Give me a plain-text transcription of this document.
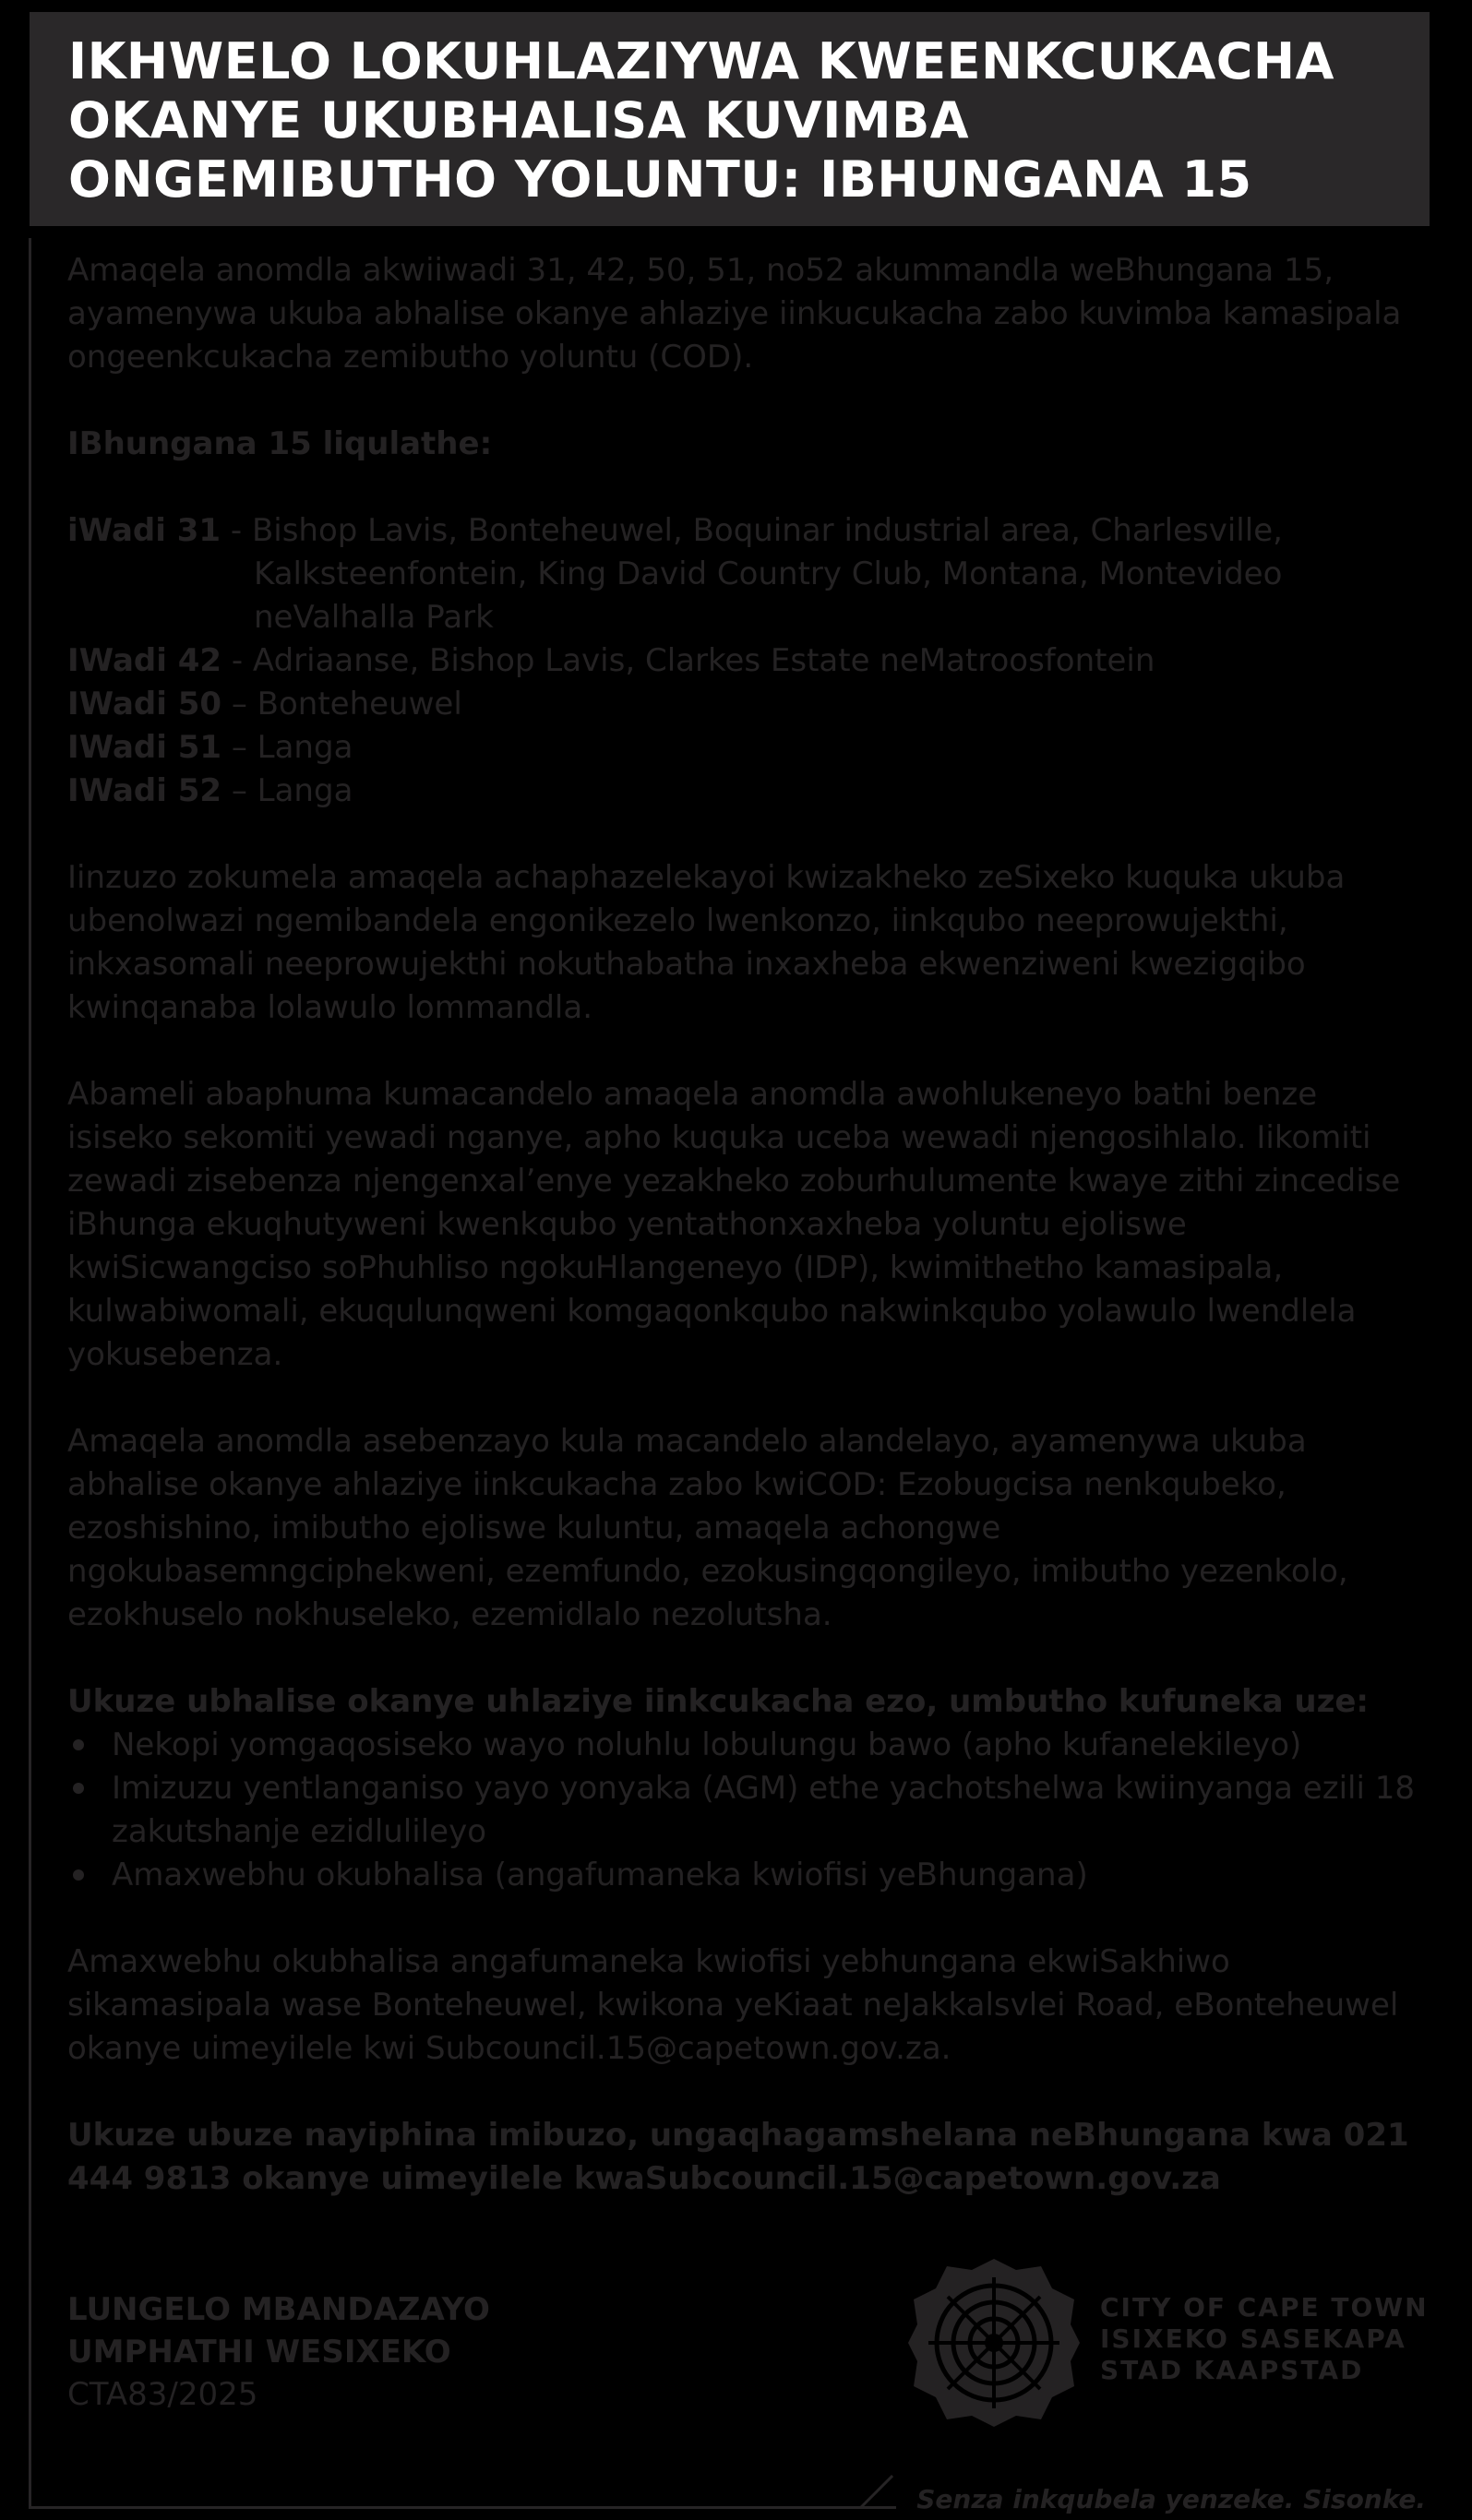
IKHWELO LOKUHLAZIYWA KWEENKCUKACHA
OKANYE UKUBHALISA KUVIMBA
ONGEMIBUTHO YOLUNTU: IBHUNGANA 15

Amaqela anomdla akwiiwadi 31, 42, 50, 51, no52 akummandla weBhungana 15, ayamenywa ukuba abhalise okanye ahlaziye iinkucukacha zabo kuvimba kamasipala ongeenkcukacha zemibutho yoluntu (COD).

IBhungana 15 liqulathe:

iWadi 31 - Bishop Lavis, Bonteheuwel, Boquinar industrial area, Charlesville,

Kalksteenfontein, King David Country Club, Montana, Montevideo

neValhalla Park

IWadi 42 - Adriaanse, Bishop Lavis, Clarkes Estate neMatroosfontein

IWadi 50 – Bonteheuwel

IWadi 51 – Langa

IWadi 52 – Langa

Iinzuzo zokumela amaqela achaphazelekayoi kwizakheko zeSixeko kuquka ukuba ubenolwazi ngemibandela engonikezelo lwenkonzo, iinkqubo neeprowujekthi, inkxasomali neeprowujekthi nokuthabatha inxaxheba ekwenziweni kwezigqibo kwinqanaba lolawulo lommandla.

Abameli abaphuma kumacandelo amaqela anomdla awohlukeneyo bathi benze isiseko sekomiti yewadi nganye, apho kuquka uceba wewadi njengosihlalo. Iikomiti zewadi zisebenza njengenxal’enye yezakheko zoburhulumente kwaye zithi zincedise iBhunga ekuqhutyweni kwenkqubo yentathonxaxheba yoluntu ejoliswe kwiSicwangciso soPhuhliso ngokuHlangeneyo (IDP), kwimithetho kamasipala, kulwabiwomali, ekuqulunqweni komgaqonkqubo nakwinkqubo yolawulo lwendlela yokusebenza.

Amaqela anomdla asebenzayo kula macandelo alandelayo, ayamenywa ukuba abhalise okanye ahlaziye iinkcukacha zabo kwiCOD: Ezobugcisa nenkqubeko, ezoshishino, imibutho ejoliswe kuluntu, amaqela achongwe ngokubasemngciphekweni, ezemfundo, ezokusingqongileyo, imibutho yezenkolo, ezokhuselo nokhuseleko, ezemidlalo nezolutsha.

Ukuze ubhalise okanye uhlaziye iinkcukacha ezo, umbutho kufuneka uze:

Nekopi yomgaqosiseko wayo noluhlu lobulungu bawo (apho kufanelekileyo)
Imizuzu yentlanganiso yayo yonyaka (AGM) ethe yachotshelwa kwiinyanga ezili 18 zakutshanje ezidlulileyo
Amaxwebhu okubhalisa (angafumaneka kwiofisi yeBhungana)

Amaxwebhu okubhalisa angafumaneka kwiofisi yebhungana ekwiSakhiwo sikamasipala wase Bonteheuwel, kwikona yeKiaat neJakkalsvlei Road, eBonteheuwel okanye uimeyilele kwi Subcouncil.15@capetown.gov.za.

Ukuze ubuze nayiphina imibuzo, ungaqhagamshelana neBhungana kwa 021 444 9813 okanye uimeyilele kwaSubcouncil.15@capetown.gov.za

LUNGELO MBANDAZAYO
UMPHATHI WESIXEKO
CTA83/2025
CITY OF CAPE TOWN
ISIXEKO SASEKAPA
STAD KAAPSTAD
Senza inkqubela yenzeke. Sisonke.
